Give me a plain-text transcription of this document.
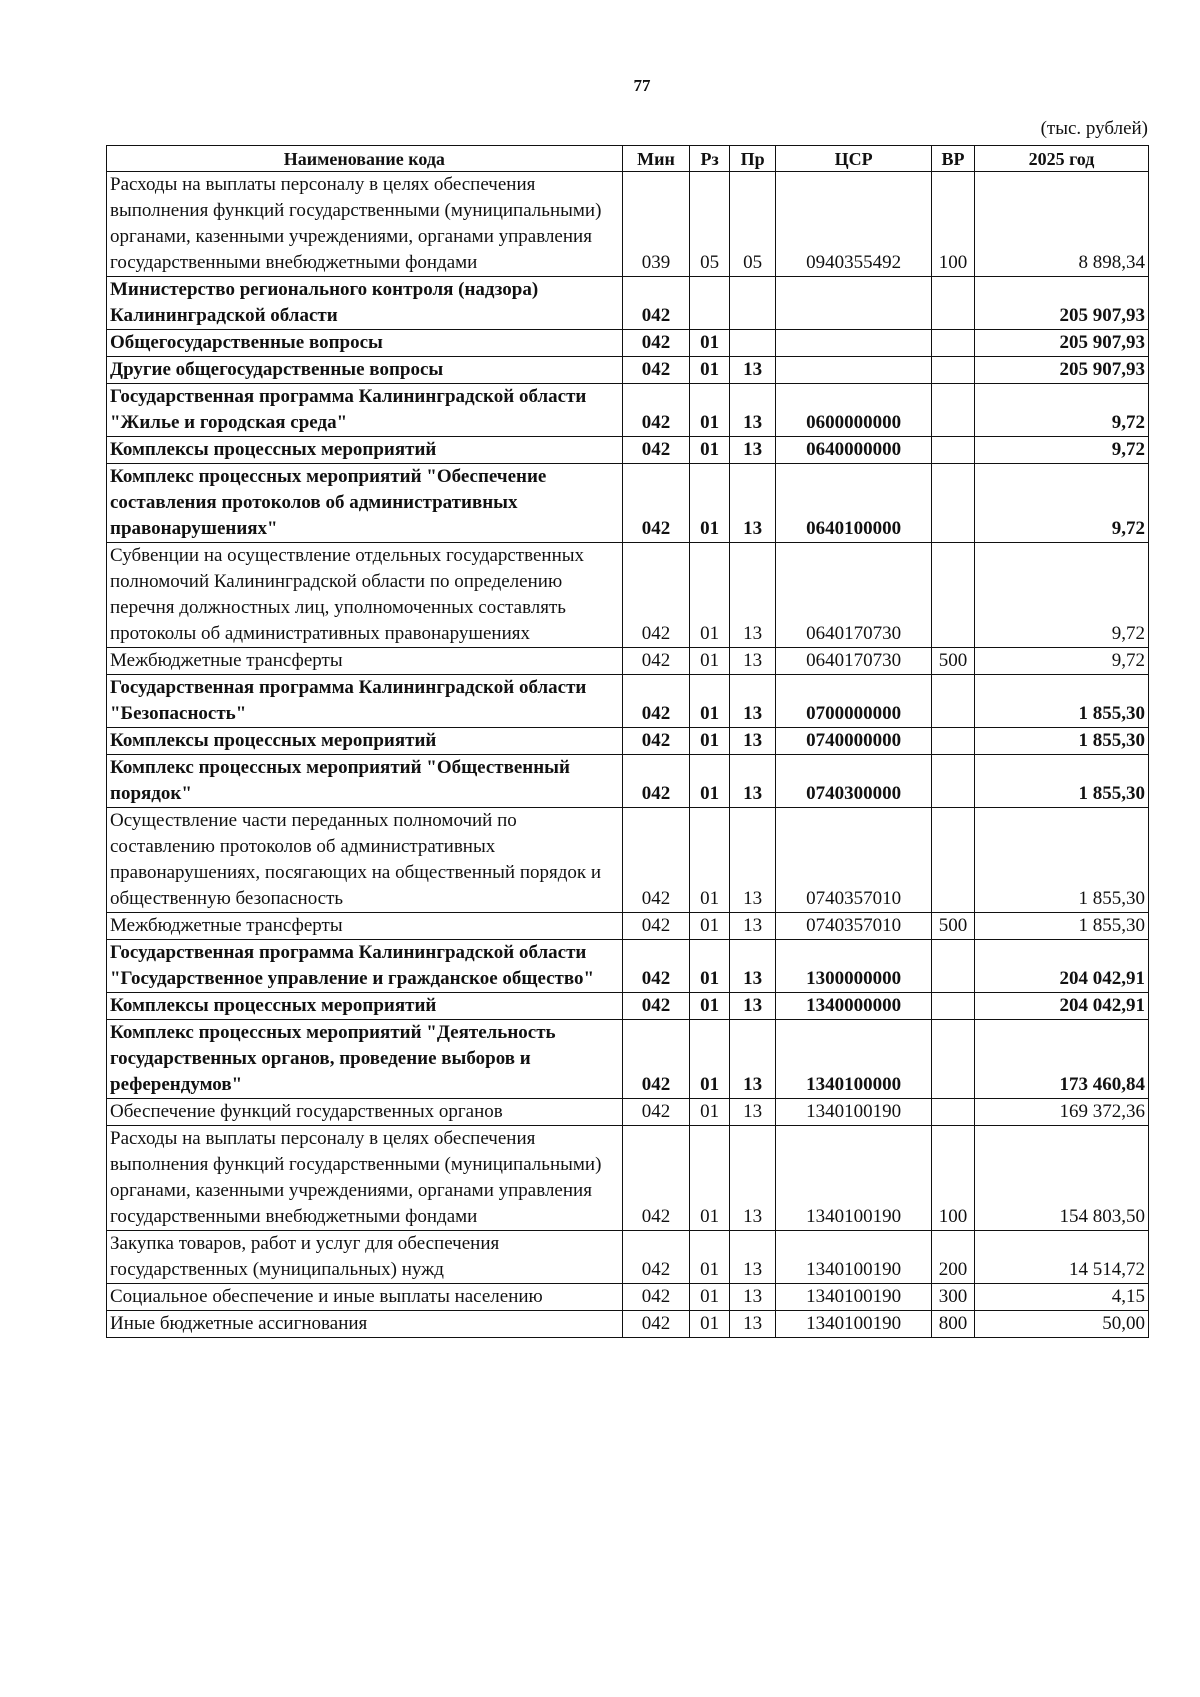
77
(тыс. рублей)
Наименование кода	Мин	Рз	Пр	ЦСР	ВР	2025 год
Расходы на выплаты персоналу в целях обеспечения выполнения функций государственными (муниципальными) органами, казенными учреждениями, органами управления государственными внебюджетными фондами	039	05	05	0940355492	100	8 898,34
Министерство регионального контроля (надзора) Калининградской области	042					205 907,93
Общегосударственные вопросы	042	01				205 907,93
Другие общегосударственные вопросы	042	01	13			205 907,93
Государственная программа Калининградской области "Жилье и городская среда"	042	01	13	0600000000		9,72
Комплексы процессных мероприятий	042	01	13	0640000000		9,72
Комплекс процессных мероприятий "Обеспечение составления протоколов об административных правонарушениях"	042	01	13	0640100000		9,72
Субвенции на осуществление отдельных государственных полномочий Калининградской области по определению перечня должностных лиц, уполномоченных составлять протоколы об административных правонарушениях	042	01	13	0640170730		9,72
Межбюджетные трансферты	042	01	13	0640170730	500	9,72
Государственная программа Калининградской области "Безопасность"	042	01	13	0700000000		1 855,30
Комплексы процессных мероприятий	042	01	13	0740000000		1 855,30
Комплекс процессных мероприятий "Общественный порядок"	042	01	13	0740300000		1 855,30
Осуществление части переданных полномочий по составлению протоколов об административных правонарушениях, посягающих на общественный порядок и общественную безопасность	042	01	13	0740357010		1 855,30
Межбюджетные трансферты	042	01	13	0740357010	500	1 855,30
Государственная программа Калининградской области "Государственное управление и гражданское общество"	042	01	13	1300000000		204 042,91
Комплексы процессных мероприятий	042	01	13	1340000000		204 042,91
Комплекс процессных мероприятий "Деятельность государственных органов, проведение выборов и референдумов"	042	01	13	1340100000		173 460,84
Обеспечение функций государственных органов	042	01	13	1340100190		169 372,36
Расходы на выплаты персоналу в целях обеспечения выполнения функций государственными (муниципальными) органами, казенными учреждениями, органами управления государственными внебюджетными фондами	042	01	13	1340100190	100	154 803,50
Закупка товаров, работ и услуг для обеспечения государственных (муниципальных) нужд	042	01	13	1340100190	200	14 514,72
Социальное обеспечение и иные выплаты населению	042	01	13	1340100190	300	4,15
Иные бюджетные ассигнования	042	01	13	1340100190	800	50,00
